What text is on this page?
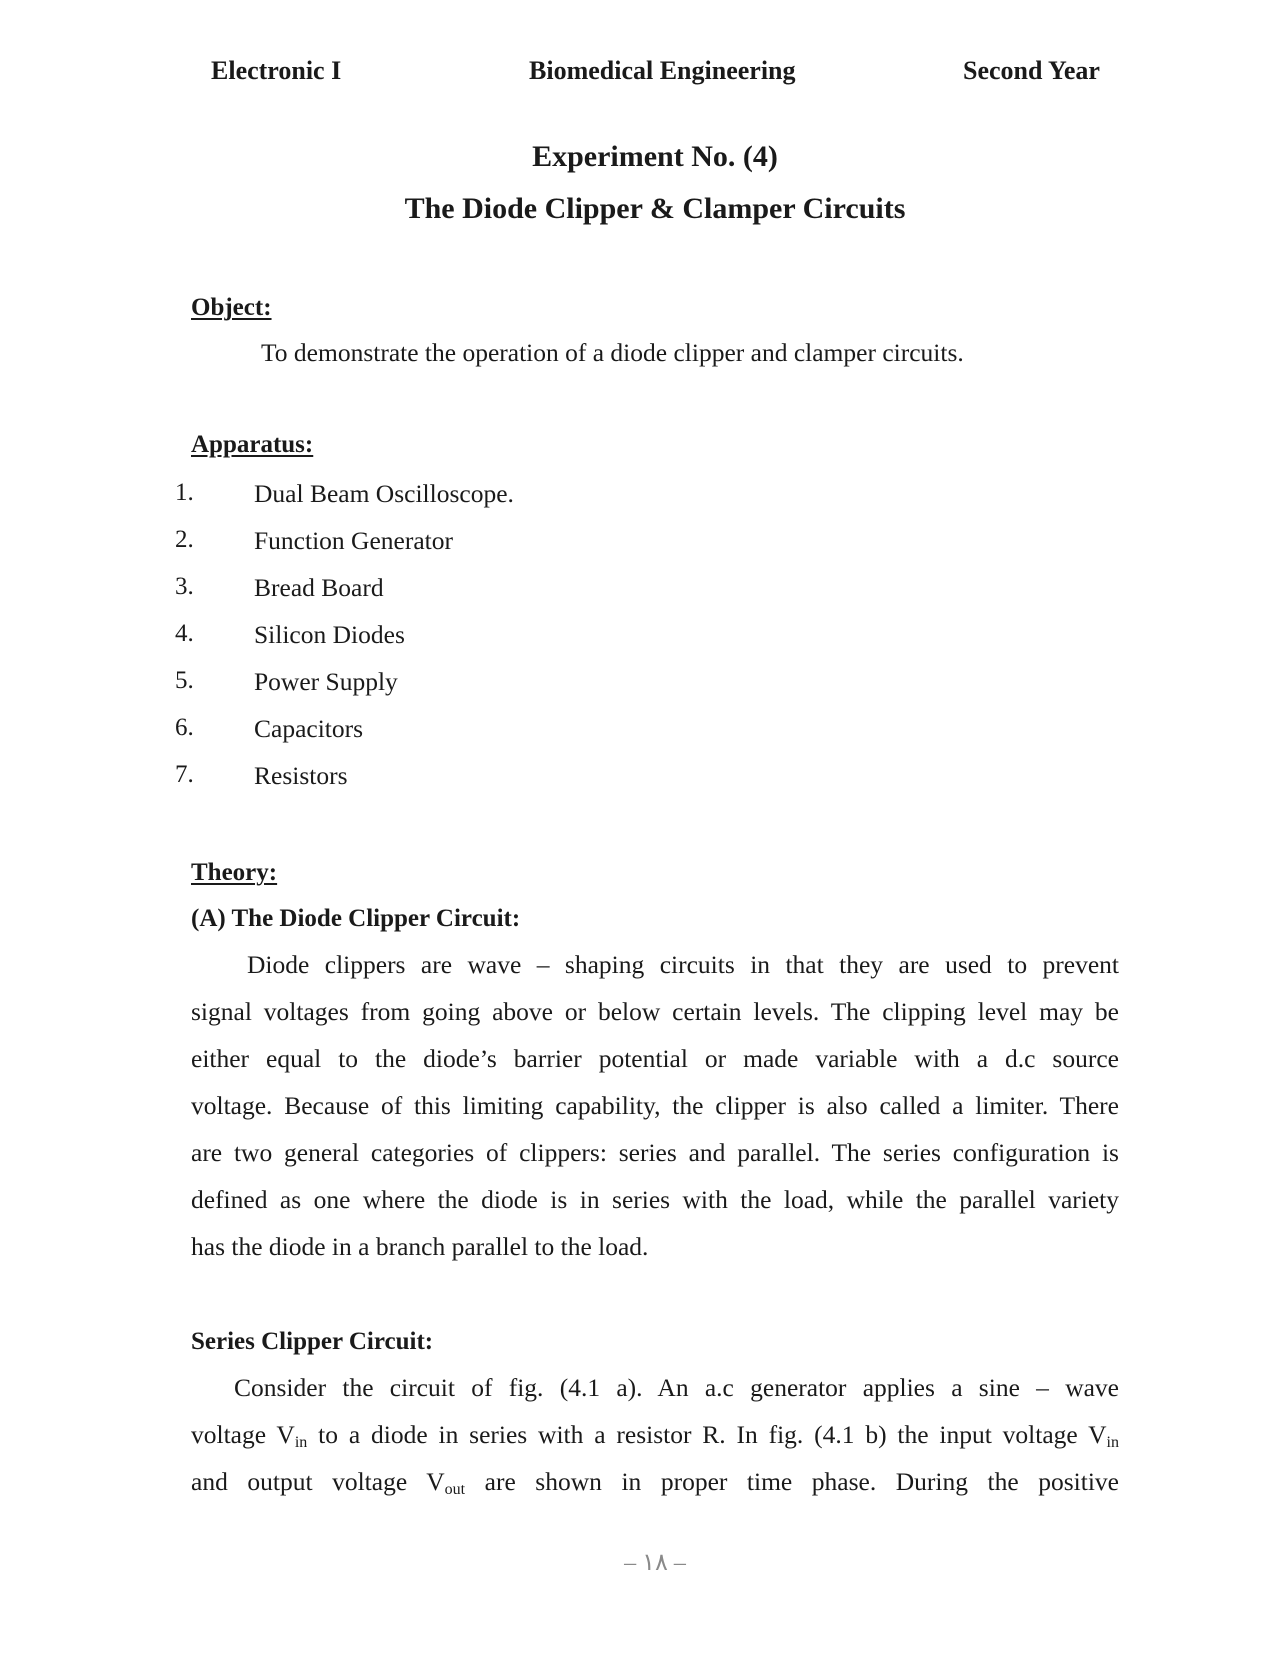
Electronic I	Biomedical Engineering	Second Year
Experiment No. (4)
The Diode Clipper & Clamper Circuits
Object:
To demonstrate the operation of a diode clipper and clamper circuits.
Apparatus:
1. Dual Beam Oscilloscope.
2. Function Generator
3. Bread Board
4. Silicon Diodes
5. Power Supply
6. Capacitors
7. Resistors
Theory:
(A) The Diode Clipper Circuit:
Diode clippers are wave – shaping circuits in that they are used to prevent
signal voltages from going above or below certain levels. The clipping level may be
either equal to the diode’s barrier potential or made variable with a d.c source
voltage. Because of this limiting capability, the clipper is also called a limiter. There
are two general categories of clippers: series and parallel. The series configuration is
defined as one where the diode is in series with the load, while the parallel variety
has the diode in a branch parallel to the load.
Series Clipper Circuit:
Consider the circuit of fig. (4.1 a). An a.c generator applies a sine – wave
voltage $V_{in}$ to a diode in series with a resistor R. In fig. (4.1 b) the input voltage $V_{in}$
and output voltage $V_{out}$ are shown in proper time phase. During the positive
– ١٨ –
